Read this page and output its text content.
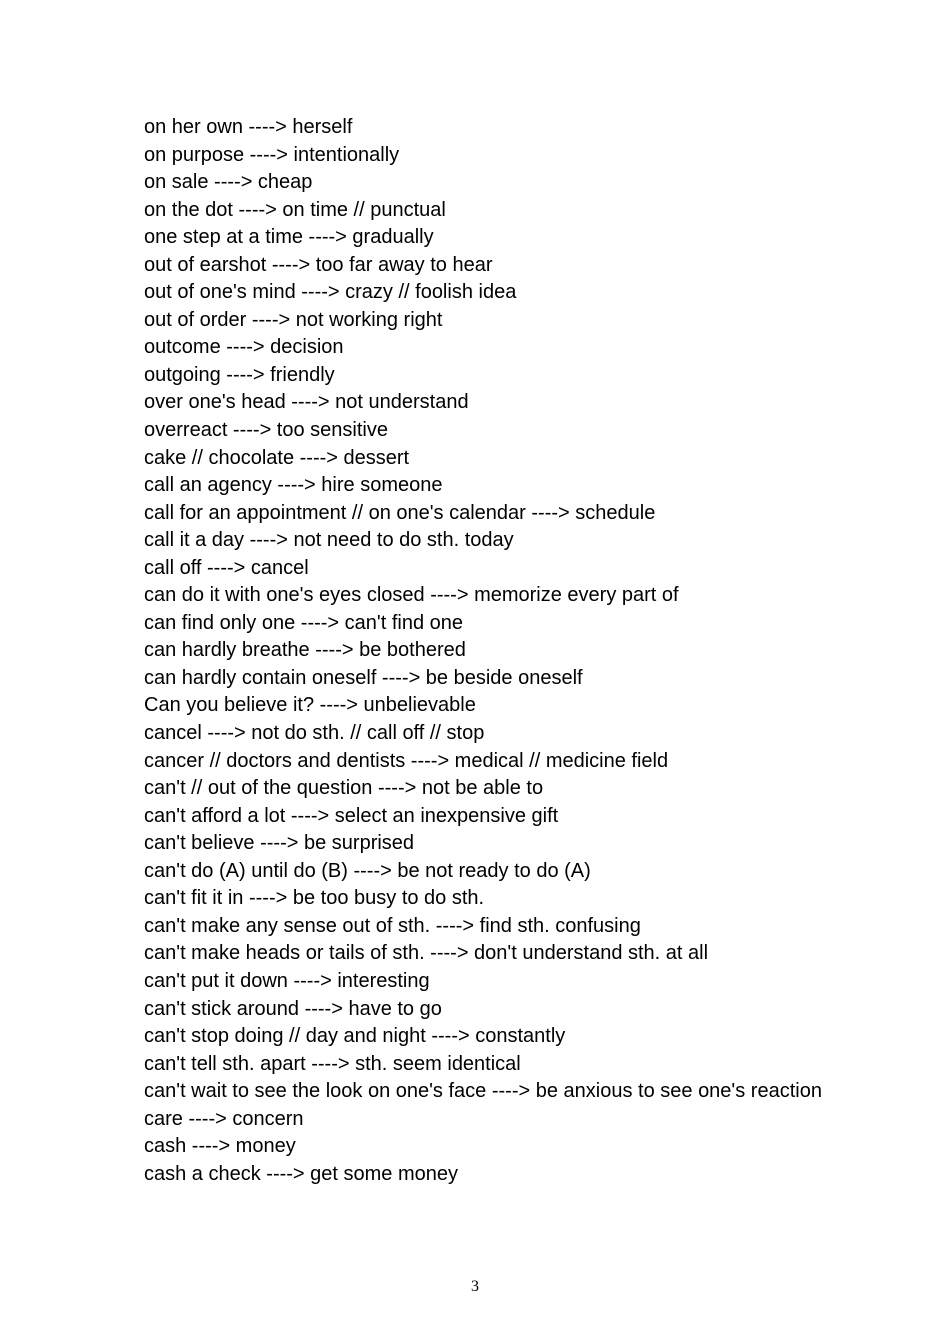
on her own ----> herself
on purpose ----> intentionally
on sale ----> cheap
on the dot ----> on time // punctual
one step at a time ----> gradually
out of earshot ----> too far away to hear
out of one's mind ----> crazy // foolish idea
out of order ----> not working right
outcome ----> decision
outgoing ----> friendly
over one's head ----> not understand
overreact ----> too sensitive
cake // chocolate ----> dessert
call an agency ----> hire someone
call for an appointment // on one's calendar ----> schedule
call it a day ----> not need to do sth. today
call off ----> cancel
can do it with one's eyes closed ----> memorize every part of
can find only one ----> can't find one
can hardly breathe ----> be bothered
can hardly contain oneself ----> be beside oneself
Can you believe it? ----> unbelievable
cancel ----> not do sth. // call off // stop
cancer // doctors and dentists ----> medical // medicine field
can't // out of the question ----> not be able to
can't afford a lot ----> select an inexpensive gift
can't believe ----> be surprised
can't do (A) until do (B) ----> be not ready to do (A)
can't fit it in ----> be too busy to do sth.
can't make any sense out of sth. ----> find sth. confusing
can't make heads or tails of sth. ----> don't understand sth. at all
can't put it down ----> interesting
can't stick around ----> have to go
can't stop doing // day and night ----> constantly
can't tell sth. apart ----> sth. seem identical
can't wait to see the look on one's face ----> be anxious to see one's reaction
care ----> concern
cash ----> money
cash a check ----> get some money
3
